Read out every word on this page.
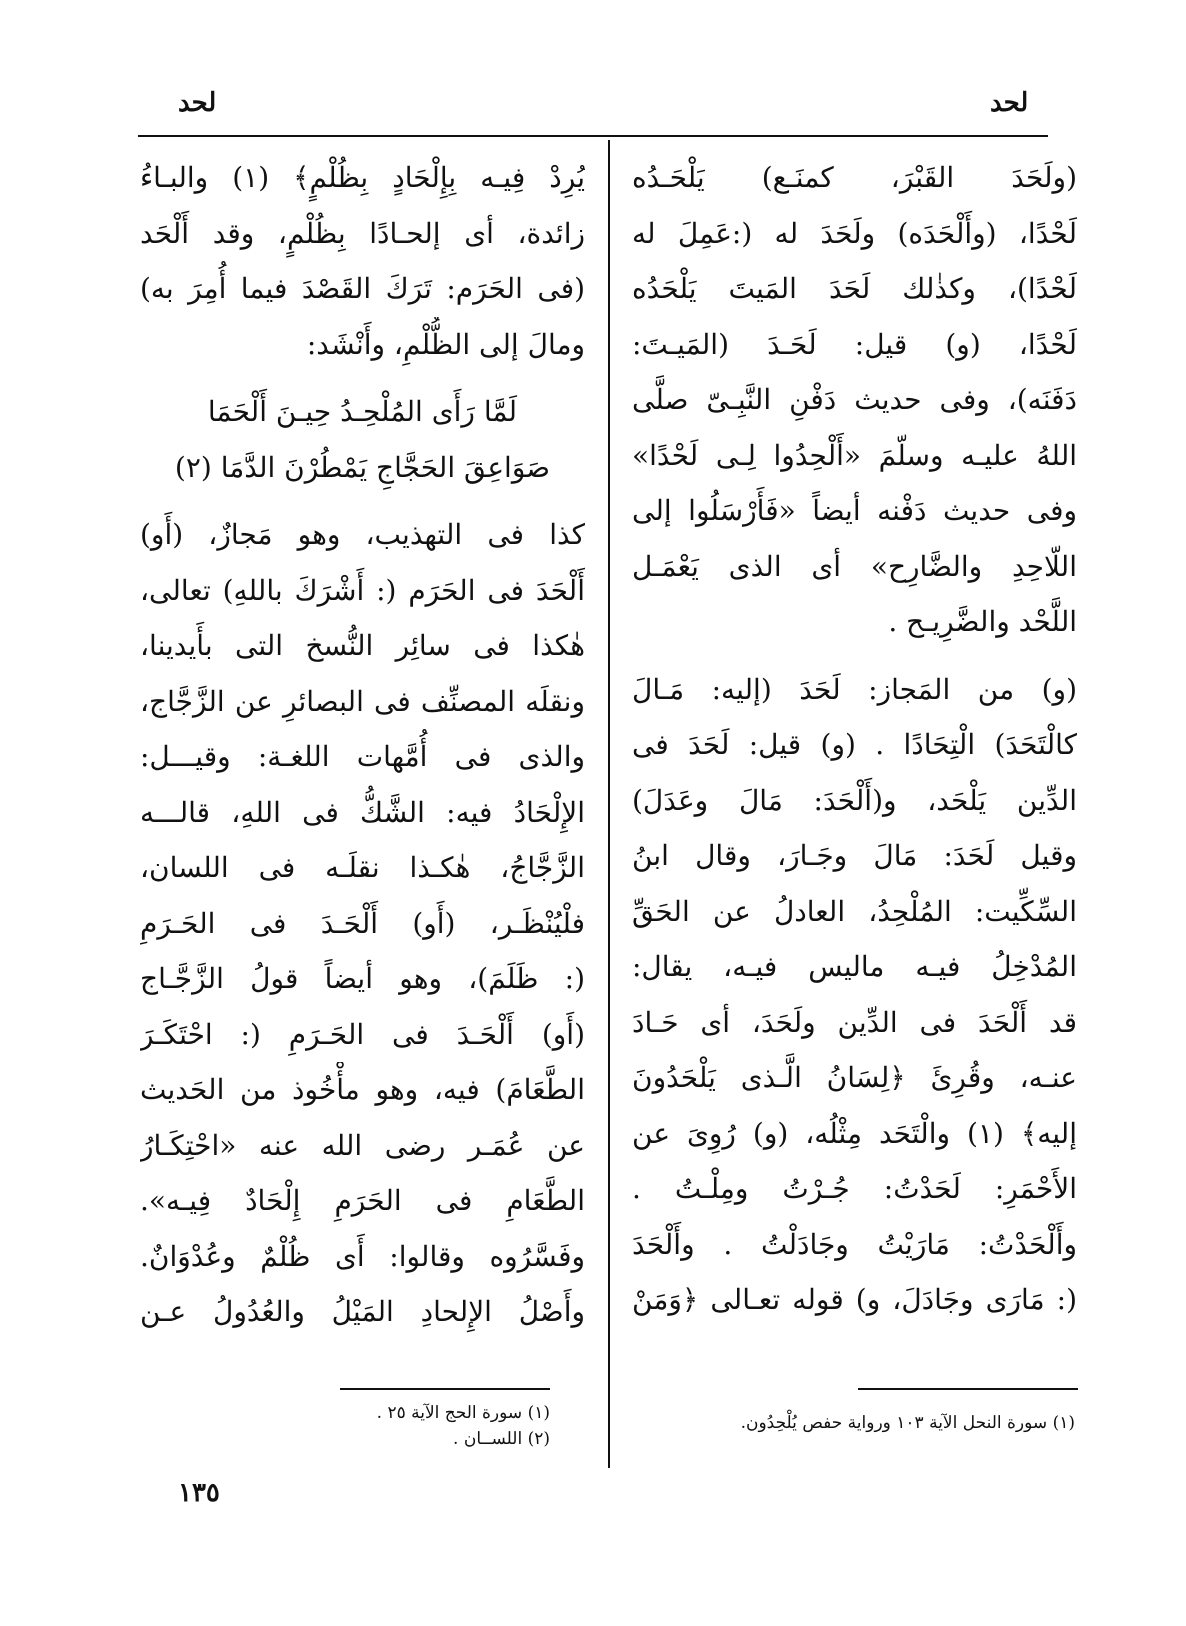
لحد
لحد
(ولَحَدَ القَبْرَ، كمنَـع) يَلْحَـدُه
لَحْدًا، (وأَلْحَدَه) ولَحَدَ له (:عَمِلَ له
لَحْدًا)، وكذٰلك لَحَدَ المَيتَ يَلْحَدُه
لَحْدًا، (و) قيل: لَحَـدَ (المَيـتَ:
دَفَنَه)، وفى حديث دَفْنِ النَّبِـىّ صلَّى
اللهُ عليـه وسلّمَ «أَلْحِدُوا لِـى لَحْدًا»
وفى حديث دَفْنه أيضاً «فَأَرْسَلُوا إلى
اللّاحِدِ والضَّارِح» أى الذى يَعْمَـل
اللَّحْد والضَّرِيـح .
(و) من المَجاز: لَحَدَ (إليه: مَـالَ
كالْتَحَدَ) الْتِحَادًا . (و) قيل: لَحَدَ فى
الدِّين يَلْحَد، و(أَلْحَدَ: مَالَ وعَدَلَ)
وقيل لَحَدَ: مَالَ وجَـارَ، وقال ابنُ
السِّكِّيت: المُلْحِدُ، العادلُ عن الحَقِّ
المُدْخِلُ فيـه ماليس فيـه، يقال:
قد أَلْحَدَ فى الدِّين ولَحَدَ، أى حَـادَ
عنـه، وقُرِئَ ﴿لِسَانُ الَّـذى يَلْحَدُونَ
إليه﴾ (١) والْتَحَد مِثْلُه، (و) رُوِىَ عن
الأَحْمَرِ: لَحَدْتُ: جُـرْتُ ومِلْـتُ .
وأَلْحَدْتُ: مَارَيْتُ وجَادَلْتُ . وأَلْحَدَ
(: مَارَى وجَادَلَ، و) قوله تعـالى ﴿وَمَنْ
يُرِدْ فِيـه بِإِلْحَادٍ بِظُلْمٍ﴾ (١) والبـاءُ
زائدة، أى إلحـادًا بِظُلْمٍ، وقد أَلْحَد
(فى الحَرَم: تَرَكَ القَصْدَ فيما أُمِرَ به)
ومالَ إلى الظُّلْمِ، وأَنْشَد:
لَمَّا رَأَى المُلْحِـدُ حِيـنَ أَلْحَمَا
صَوَاعِقَ الحَجَّاجِ يَمْطُرْنَ الدَّمَا (٢)
كذا فى التهذيب، وهو مَجازٌ، (أَو)
أَلْحَدَ فى الحَرَم (: أَشْرَكَ باللهِ) تعالى،
هٰكذا فى سائِر النُّسخ التى بأَيدينا،
ونقلَه المصنِّف فى البصائرِ عن الزَّجَّاج،
والذى فى أُمَّهات اللغـة: وقيـــل:
الإِلْحَادُ فيه: الشَّكُّ فى اللهِ، قالـــه
الزَّجَّاجُ، هٰكـذا نقلَـه فى اللسان،
فلْيُنْظَـر، (أَو) أَلْحَـدَ فى الحَـرَمِ
(: ظَلَمَ)، وهو أيضاً قولُ الزَّجَّـاج
(أَو) أَلْحَـدَ فى الحَـرَمِ (: احْتَكَـرَ
الطَّعَامَ) فيه، وهو مأْخُوذ من الحَديث
عن عُمَـر رضى الله عنه «احْتِكَـارُ
الطَّعَامِ فى الحَرَمِ إِلْحَادٌ فِيـه».
وفَسَّرُوه وقالوا: أَى ظُلْمٌ وعُدْوَانٌ.
وأَصْلُ الإِلحادِ المَيْلُ والعُدُولُ عـن
(١) سورة النحل الآية ١٠٣ ورواية حفص يُلْحِدُون.
(١) سورة الحج الآية ٢٥ .
(٢) اللســان .
١٣٥
